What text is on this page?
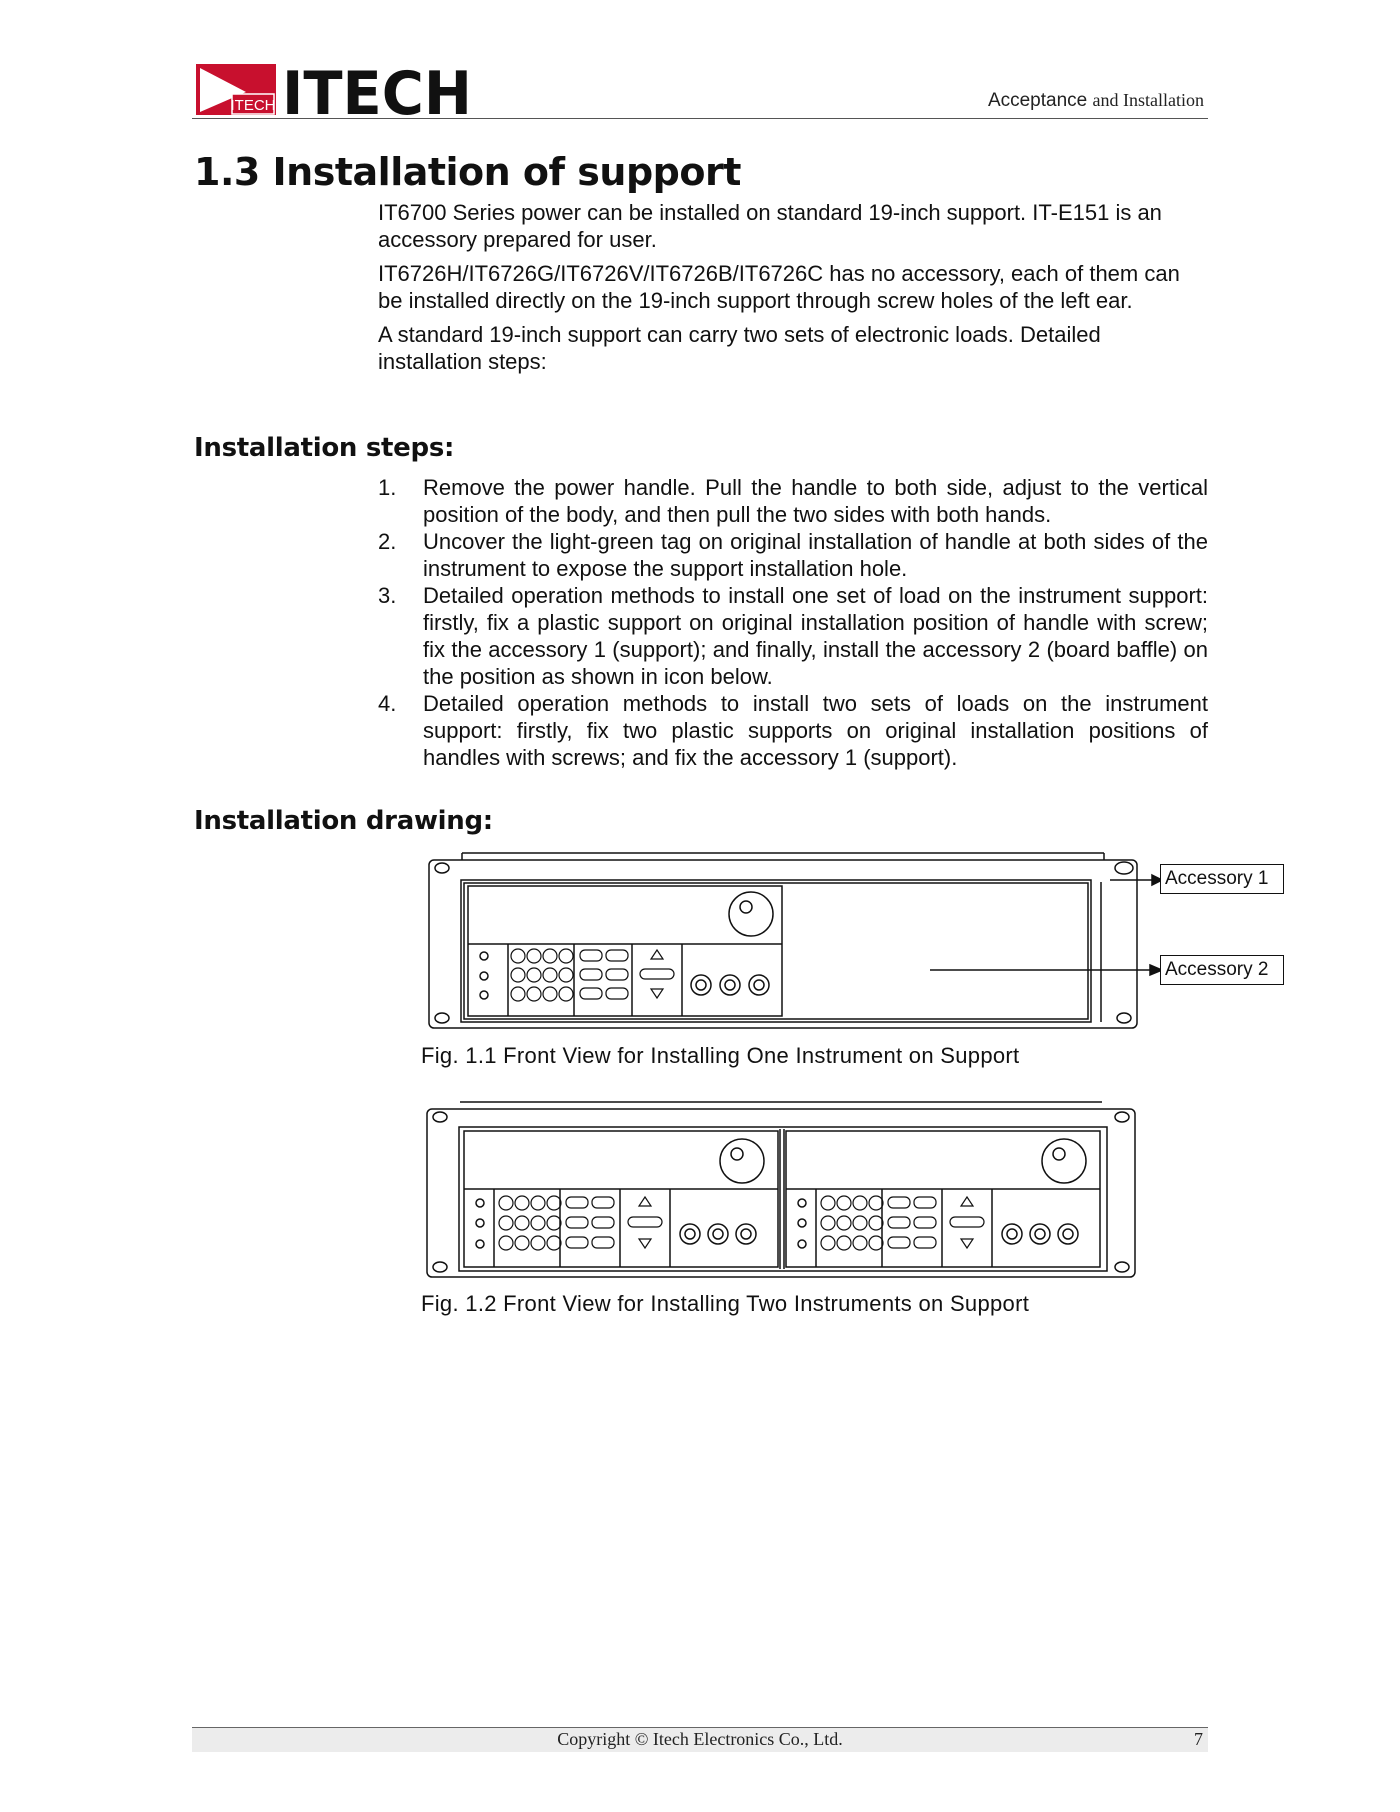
ITECH ITECH	Acceptance and Installation
1.3 Installation of support

IT6700 Series power can be installed on standard 19-inch support. IT-E151 is an accessory prepared for user.

IT6726H/IT6726G/IT6726V/IT6726B/IT6726C has no accessory, each of them can be installed directly on the 19-inch support through screw holes of the left ear.

A standard 19-inch support can carry two sets of electronic loads. Detailed installation steps:

Installation steps:
1.	Remove the power handle. Pull the handle to both side, adjust to the vertical position of the body, and then pull the two sides with both hands.
2.	Uncover the light-green tag on original installation of handle at both sides of the instrument to expose the support installation hole.
3.	Detailed operation methods to install one set of load on the instrument support: firstly, fix a plastic support on original installation position of handle with screw; fix the accessory 1 (support); and finally, install the accessory 2 (board baffle) on the position as shown in icon below.
4.	Detailed operation methods to install two sets of loads on the instrument support: firstly, fix two plastic supports on original installation positions of handles with screws; and fix the accessory 1 (support).
Installation drawing:
Accessory 1
Accessory 2
Fig. 1.1 Front View for Installing One Instrument on Support
Fig. 1.2 Front View for Installing Two Instruments on Support
Copyright © Itech Electronics Co., Ltd.	7
